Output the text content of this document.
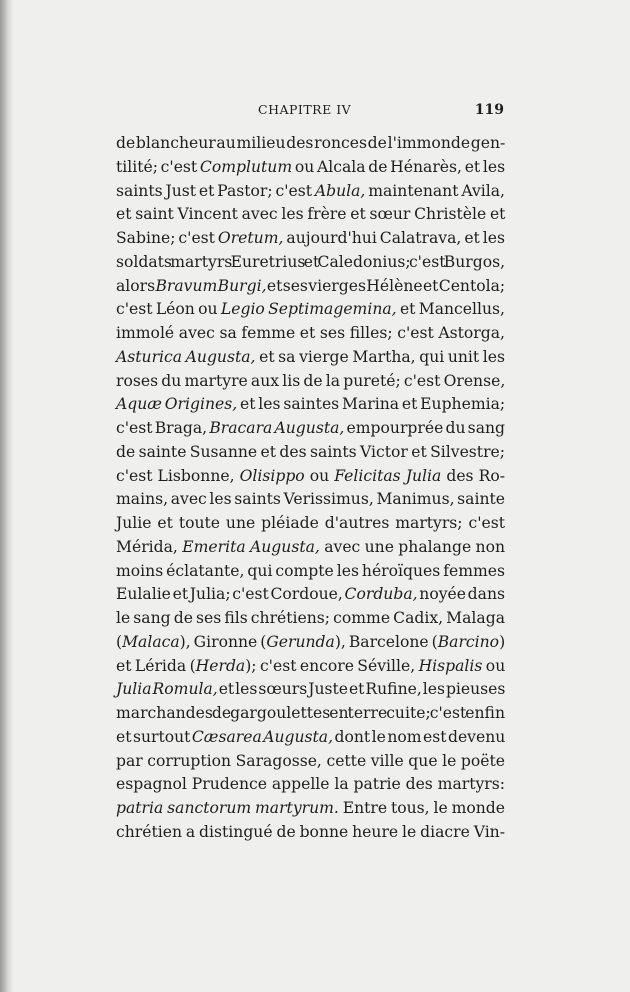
CHAPITRE IV	119
de blancheur au milieu des ronces de l'immonde gen-
tilité; c'est Complutum ou Alcala de Hénarès, et les
saints Just et Pastor; c'est Abula, maintenant Avila,
et saint Vincent avec les frère et sœur Christèle et
Sabine; c'est Oretum, aujourd'hui Calatrava, et les
soldats martyrs Euretrius et Caledonius; c'est Burgos,
alors Bravum Burgi, et ses vierges Hélène et Centola;
c'est Léon ou Legio Septimagemina, et Mancellus,
immolé avec sa femme et ses filles; c'est Astorga,
Asturica Augusta, et sa vierge Martha, qui unit les
roses du martyre aux lis de la pureté; c'est Orense,
Aquæ Origines, et les saintes Marina et Euphemia;
c'est Braga, Bracara Augusta, empourprée du sang
de sainte Susanne et des saints Victor et Silvestre;
c'est Lisbonne, Olisippo ou Felicitas Julia des Ro-
mains, avec les saints Verissimus, Manimus, sainte
Julie et toute une pléiade d'autres martyrs; c'est
Mérida, Emerita Augusta, avec une phalange non
moins éclatante, qui compte les héroïques femmes
Eulalie et Julia; c'est Cordoue, Corduba, noyée dans
le sang de ses fils chrétiens; comme Cadix, Malaga
(Malaca), Gironne (Gerunda), Barcelone (Barcino)
et Lérida (Herda); c'est encore Séville, Hispalis ou
Julia Romula, et les sœurs Juste et Rufine, les pieuses
marchandes de gargoulettes en terre cuite; c'est enfin
et surtout Cæsarea Augusta, dont le nom est devenu
par corruption Saragosse, cette ville que le poëte
espagnol Prudence appelle la patrie des martyrs:
patria sanctorum martyrum. Entre tous, le monde
chrétien a distingué de bonne heure le diacre Vin-
